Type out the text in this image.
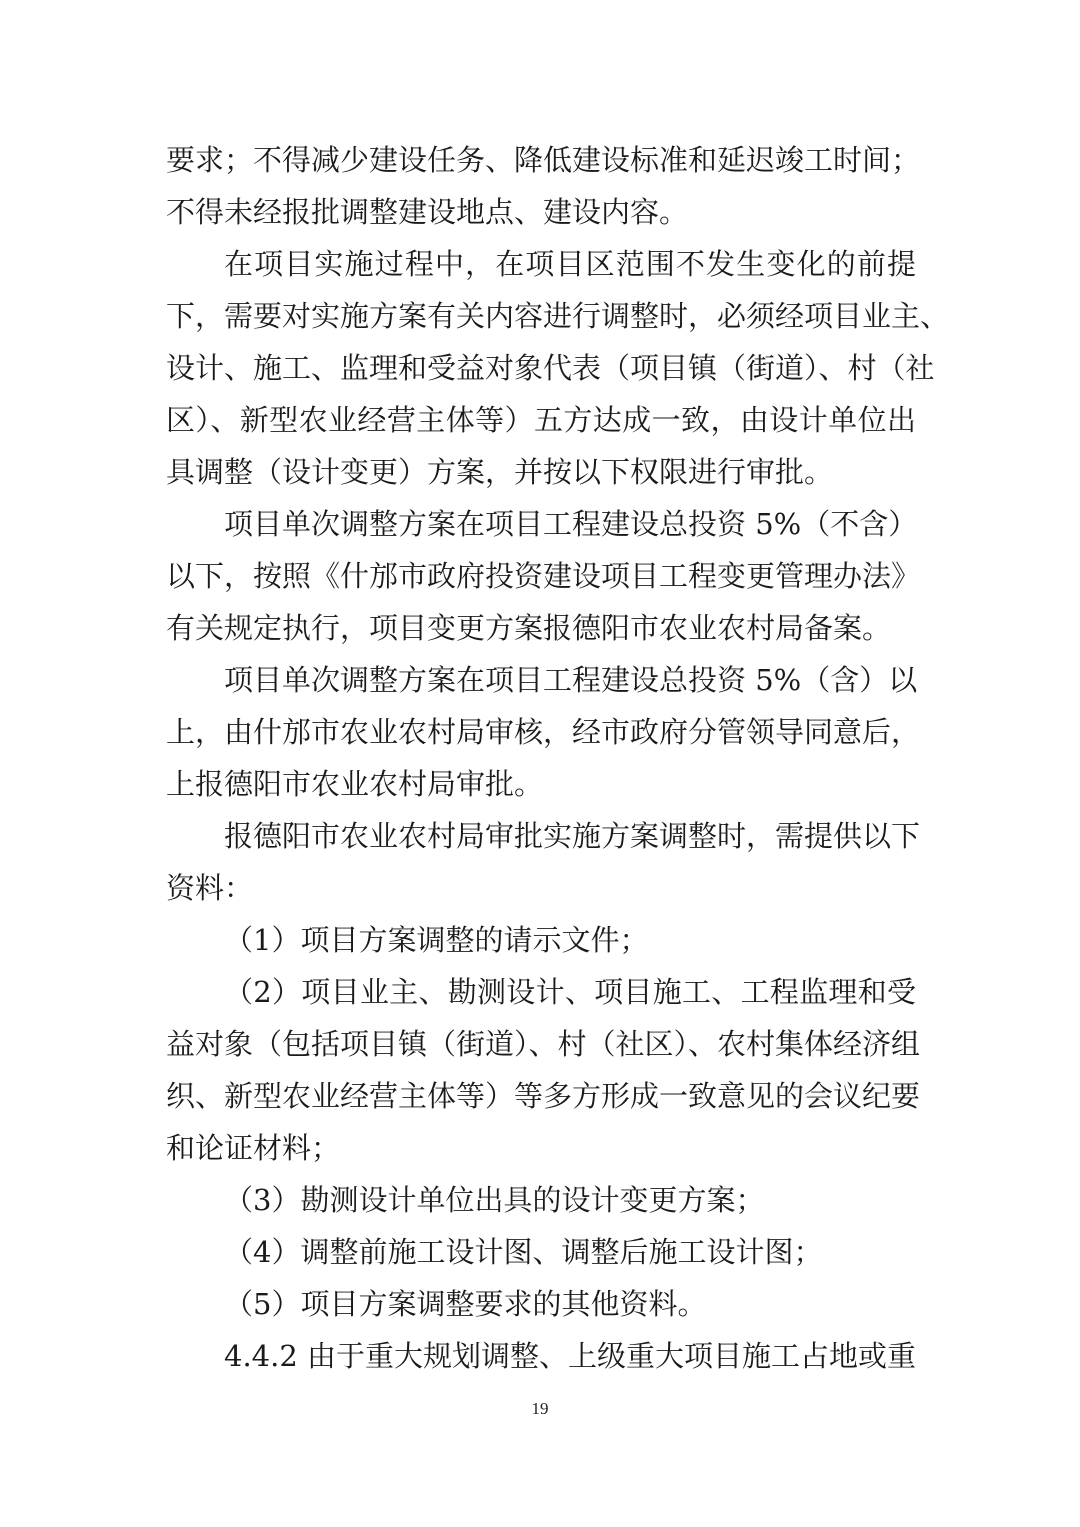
要求；不得减少建设任务、降低建设标准和延迟竣工时间；
不得未经报批调整建设地点、建设内容。
在项目实施过程中，在项目区范围不发生变化的前提
下，需要对实施方案有关内容进行调整时，必须经项目业主、
设计、施工、监理和受益对象代表（项目镇（街道）、村（社
区）、新型农业经营主体等）五方达成一致，由设计单位出
具调整（设计变更）方案，并按以下权限进行审批。
项目单次调整方案在项目工程建设总投资 5%（不含）
以下，按照《什邡市政府投资建设项目工程变更管理办法》
有关规定执行，项目变更方案报德阳市农业农村局备案。
项目单次调整方案在项目工程建设总投资 5%（含）以
上，由什邡市农业农村局审核，经市政府分管领导同意后，
上报德阳市农业农村局审批。
报德阳市农业农村局审批实施方案调整时，需提供以下
资料：
（1）项目方案调整的请示文件；
（2）项目业主、勘测设计、项目施工、工程监理和受
益对象（包括项目镇（街道）、村（社区）、农村集体经济组
织、新型农业经营主体等）等多方形成一致意见的会议纪要
和论证材料；
（3）勘测设计单位出具的设计变更方案；
（4）调整前施工设计图、调整后施工设计图；
（5）项目方案调整要求的其他资料。
4.4.2 由于重大规划调整、上级重大项目施工占地或重
19
